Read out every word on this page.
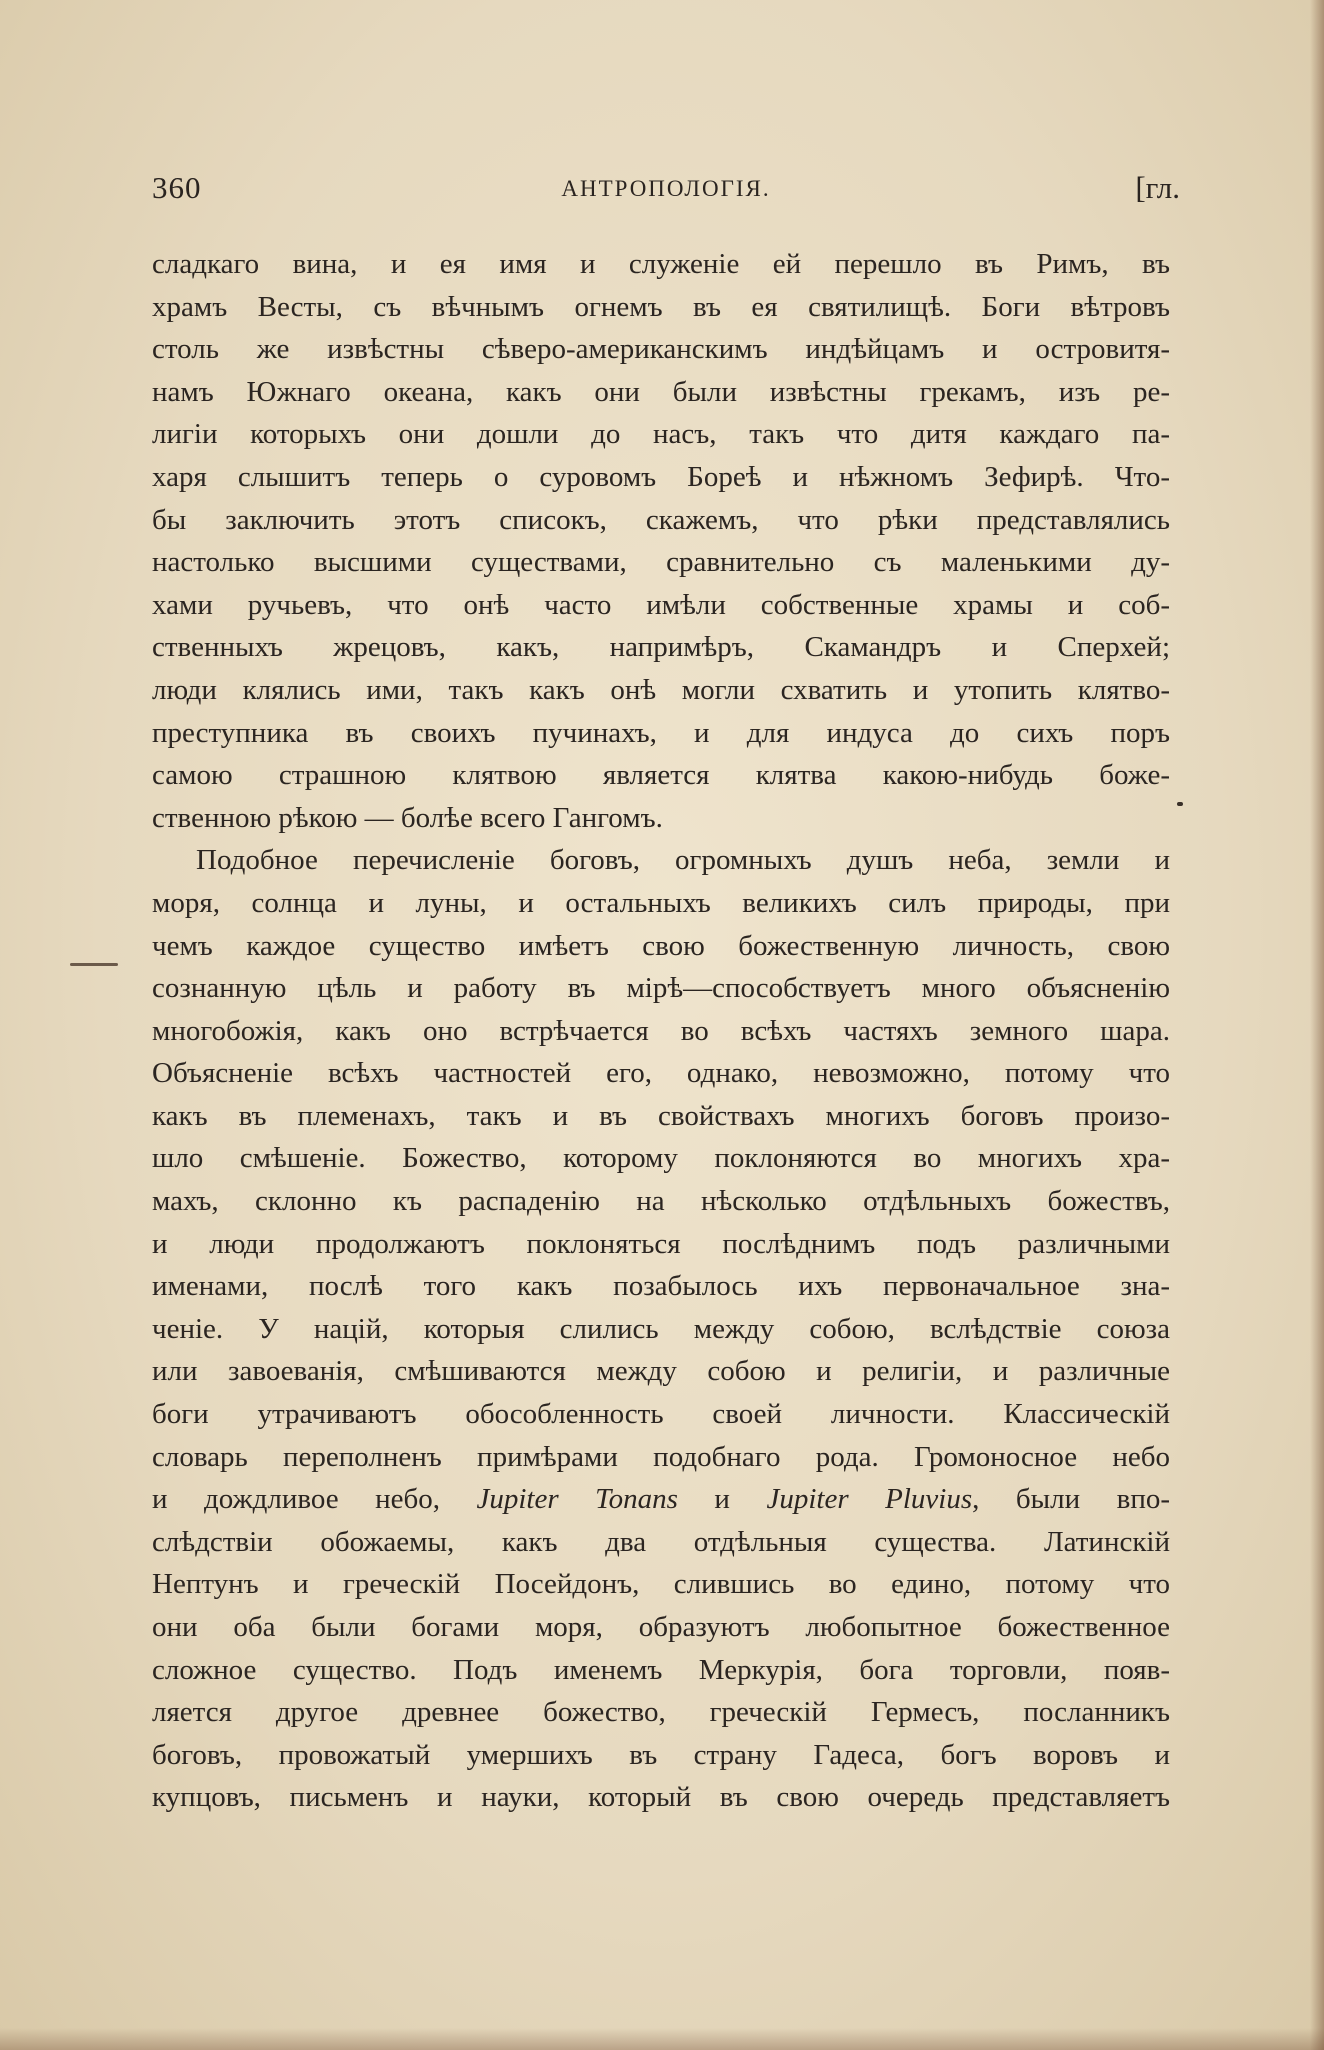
360	АНТРОПОЛОГІЯ.	[гл.
сладкаго вина, и ея имя и служеніе ей перешло въ Римъ, въ
храмъ Весты, съ вѣчнымъ огнемъ въ ея святилищѣ. Боги вѣтровъ
столь же извѣстны сѣверо-американскимъ индѣйцамъ и островитя-
намъ Южнаго океана, какъ они были извѣстны грекамъ, изъ ре-
лигіи которыхъ они дошли до насъ, такъ что дитя каждаго па-
харя слышитъ теперь о суровомъ Бореѣ и нѣжномъ Зефирѣ. Что-
бы заключить этотъ списокъ, скажемъ, что рѣки представлялись
настолько высшими существами, сравнительно съ маленькими ду-
хами ручьевъ, что онѣ часто имѣли собственные храмы и соб-
ственныхъ жрецовъ, какъ, напримѣръ, Скамандръ и Сперхей;
люди клялись ими, такъ какъ онѣ могли схватить и утопить клятво-
преступника въ своихъ пучинахъ, и для индуса до сихъ поръ
самою страшною клятвою является клятва какою-нибудь боже-
ственною рѣкою — болѣе всего Гангомъ.
Подобное перечисленіе боговъ, огромныхъ душъ неба, земли и
моря, солнца и луны, и остальныхъ великихъ силъ природы, при
чемъ каждое существо имѣетъ свою божественную личность, свою
сознанную цѣль и работу въ мірѣ—способствуетъ много объясненію
многобожія, какъ оно встрѣчается во всѣхъ частяхъ земного шара.
Объясненіе всѣхъ частностей его, однако, невозможно, потому что
какъ въ племенахъ, такъ и въ свойствахъ многихъ боговъ произо-
шло смѣшеніе. Божество, которому поклоняются во многихъ хра-
махъ, склонно къ распаденію на нѣсколько отдѣльныхъ божествъ,
и люди продолжаютъ поклоняться послѣднимъ подъ различными
именами, послѣ того какъ позабылось ихъ первоначальное зна-
ченіе. У націй, которыя слились между собою, вслѣдствіе союза
или завоеванія, смѣшиваются между собою и религіи, и различные
боги утрачиваютъ обособленность своей личности. Классическій
словарь переполненъ примѣрами подобнаго рода. Громоносное небо
и дождливое небо, Jupiter Tonans и Jupiter Pluvius, были впо-
слѣдствіи обожаемы, какъ два отдѣльныя существа. Латинскій
Нептунъ и греческій Посейдонъ, слившись во едино, потому что
они оба были богами моря, образуютъ любопытное божественное
сложное существо. Подъ именемъ Меркурія, бога торговли, появ-
ляется другое древнее божество, греческій Гермесъ, посланникъ
боговъ, провожатый умершихъ въ страну Гадеса, богъ воровъ и
купцовъ, письменъ и науки, который въ свою очередь представляетъ
